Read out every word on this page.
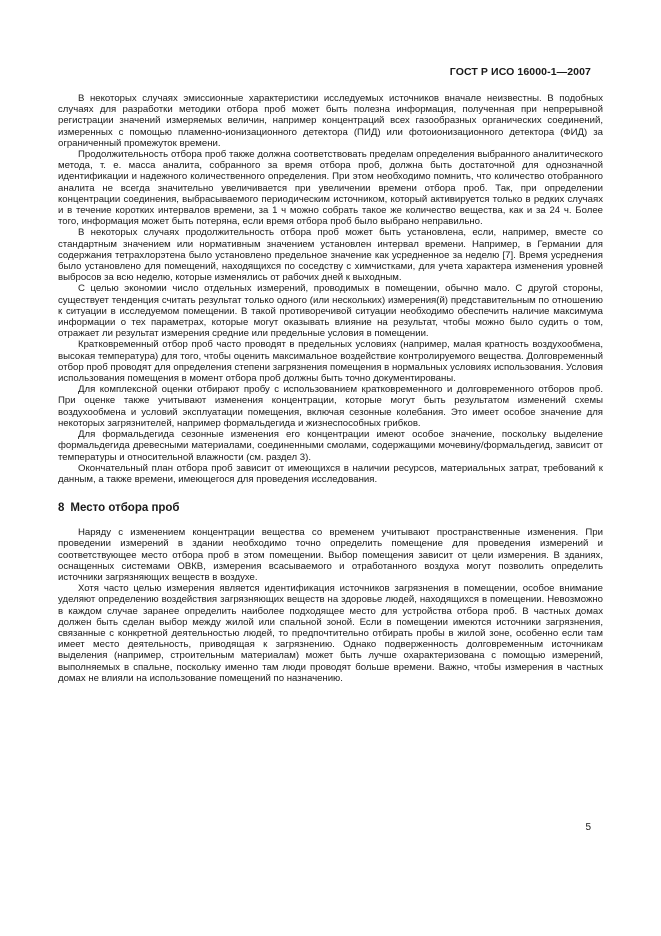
ГОСТ Р ИСО 16000-1—2007

В некоторых случаях эмиссионные характеристики исследуемых источников вначале неизвестны. В подобных случаях для разработки методики отбора проб может быть полезна информация, полученная при непрерывной регистрации значений измеряемых величин, например концентраций всех газообразных органических соединений, измеренных с помощью пламенно-ионизационного детектора (ПИД) или фотоионизационного детектора (ФИД) за ограниченный промежуток времени.

Продолжительность отбора проб также должна соответствовать пределам определения выбранного аналитического метода, т. е. масса аналита, собранного за время отбора проб, должна быть достаточной для однозначной идентификации и надежного количественного определения. При этом необходимо помнить, что количество отобранного аналита не всегда значительно увеличивается при увеличении времени отбора проб. Так, при определении концентрации соединения, выбрасываемого периодическим источником, который активируется только в редких случаях и в течение коротких интервалов времени, за 1 ч можно собрать такое же количество вещества, как и за 24 ч. Более того, информация может быть потеряна, если время отбора проб было выбрано неправильно.

В некоторых случаях продолжительность отбора проб может быть установлена, если, например, вместе со стандартным значением или нормативным значением установлен интервал времени. Например, в Германии для содержания тетрахлорэтена было установлено предельное значение как усредненное за неделю [7]. Время усреднения было установлено для помещений, находящихся по соседству с химчистками, для учета характера изменения уровней выбросов за всю неделю, которые изменялись от рабочих дней к выходным.

С целью экономии число отдельных измерений, проводимых в помещении, обычно мало. С другой стороны, существует тенденция считать результат только одного (или нескольких) измерения(й) представительным по отношению к ситуации в исследуемом помещении. В такой противоречивой ситуации необходимо обеспечить наличие максимума информации о тех параметрах, которые могут оказывать влияние на результат, чтобы можно было судить о том, отражает ли результат измерения средние или предельные условия в помещении.

Кратковременный отбор проб часто проводят в предельных условиях (например, малая кратность воздухообмена, высокая температура) для того, чтобы оценить максимальное воздействие контролируемого вещества. Долговременный отбор проб проводят для определения степени загрязнения помещения в нормальных условиях использования. Условия использования помещения в момент отбора проб должны быть точно документированы.

Для комплексной оценки отбирают пробу с использованием кратковременного и долговременного отборов проб. При оценке также учитывают изменения концентрации, которые могут быть результатом изменений схемы воздухообмена и условий эксплуатации помещения, включая сезонные колебания. Это имеет особое значение для некоторых загрязнителей, например формальдегида и жизнеспособных грибков.

Для формальдегида сезонные изменения его концентрации имеют особое значение, поскольку выделение формальдегида древесными материалами, соединенными смолами, содержащими мочевину/формальдегид, зависит от температуры и относительной влажности (см. раздел 3).

Окончательный план отбора проб зависит от имеющихся в наличии ресурсов, материальных затрат, требований к данным, а также времени, имеющегося для проведения исследования.

8 Место отбора проб

Наряду с изменением концентрации вещества со временем учитывают пространственные изменения. При проведении измерений в здании необходимо точно определить помещение для проведения измерений и соответствующее место отбора проб в этом помещении. Выбор помещения зависит от цели измерения. В зданиях, оснащенных системами ОВКВ, измерения всасываемого и отработанного воздуха могут позволить определить источники загрязняющих веществ в воздухе.

Хотя часто целью измерения является идентификация источников загрязнения в помещении, особое внимание уделяют определению воздействия загрязняющих веществ на здоровье людей, находящихся в помещении. Невозможно в каждом случае заранее определить наиболее подходящее место для устройства отбора проб. В частных домах должен быть сделан выбор между жилой или спальной зоной. Если в помещении имеются источники загрязнения, связанные с конкретной деятельностью людей, то предпочтительно отбирать пробы в жилой зоне, особенно если там имеет место деятельность, приводящая к загрязнению. Однако подверженность долговременным источникам выделения (например, строительным материалам) может быть лучше охарактеризована с помощью измерений, выполняемых в спальне, поскольку именно там люди проводят больше времени. Важно, чтобы измерения в частных домах не влияли на использование помещений по назначению.

5
